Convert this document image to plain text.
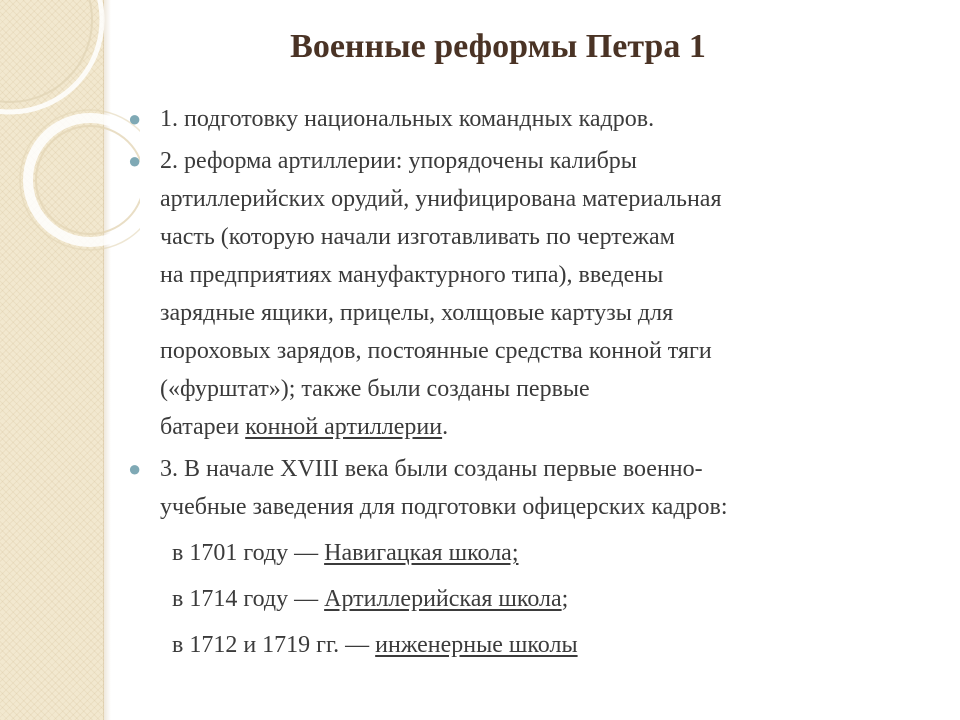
Военные реформы Петра 1
● 1. подготовку национальных командных кадров.
● 2. реформа артиллерии: упорядочены калибры
артиллерийских орудий, унифицирована материальная
часть (которую начали изготавливать по чертежам
на предприятиях мануфактурного типа), введены
зарядные ящики, прицелы, холщовые картузы для
пороховых зарядов, постоянные средства конной тяги
(«фурштат»); также были созданы первые
батареи конной артиллерии.
● 3. В начале XVIII века были созданы первые военно-
учебные заведения для подготовки офицерских кадров:
в 1701 году — Навигацкая школа;
в 1714 году — Артиллерийская школа;
в 1712 и 1719 гг. — инженерные школы
